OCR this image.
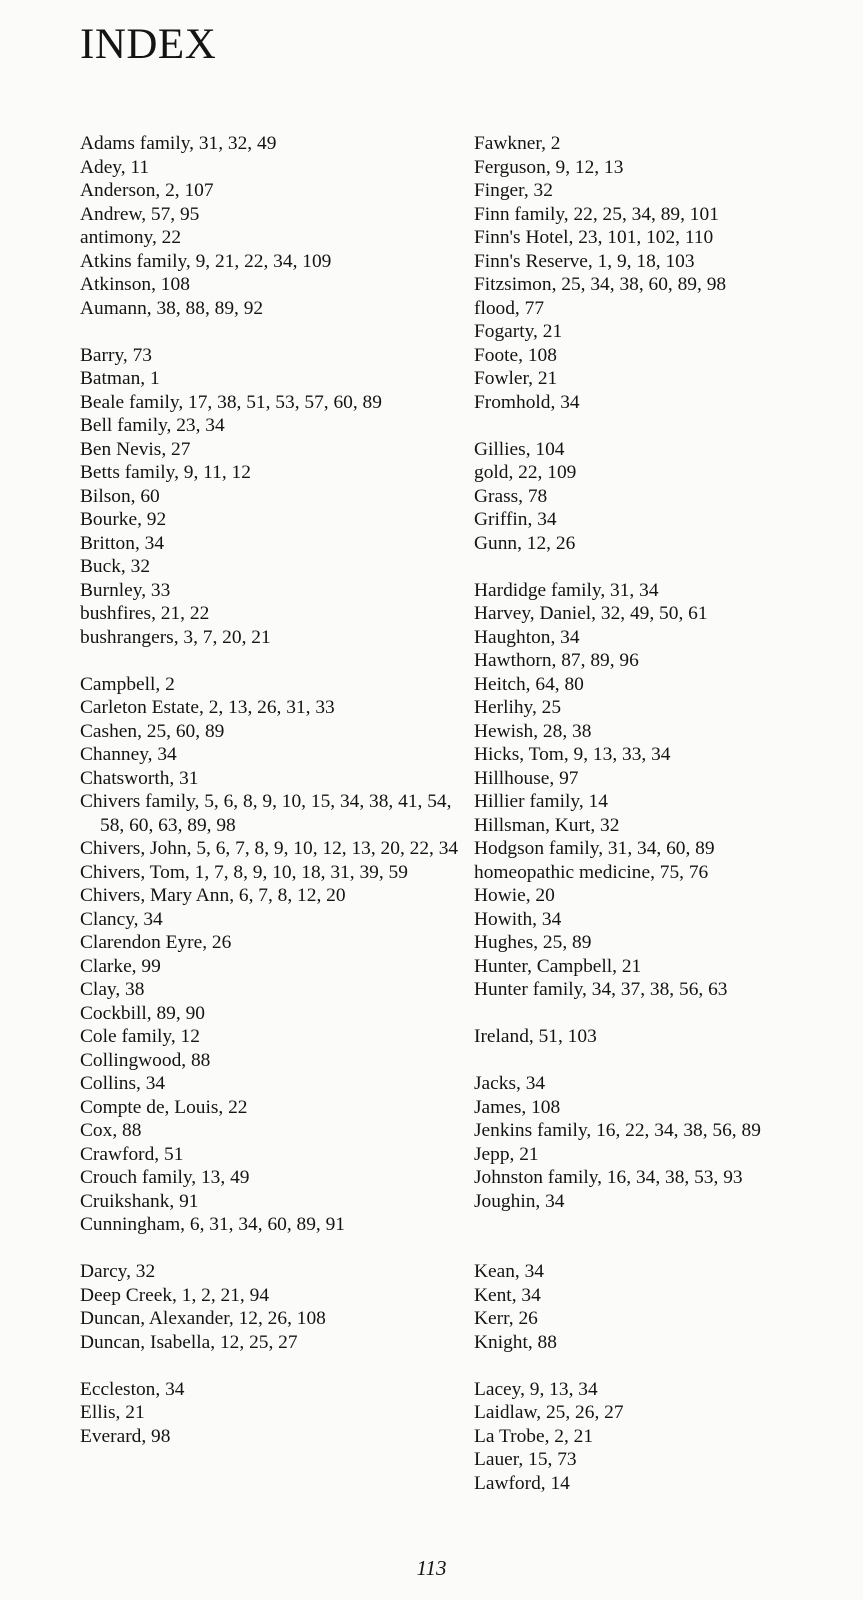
INDEX
Adams family, 31, 32, 49
Adey, 11
Anderson, 2, 107
Andrew, 57, 95
antimony, 22
Atkins family, 9, 21, 22, 34, 109
Atkinson, 108
Aumann, 38, 88, 89, 92
Barry, 73
Batman, 1
Beale family, 17, 38, 51, 53, 57, 60, 89
Bell family, 23, 34
Ben Nevis, 27
Betts family, 9, 11, 12
Bilson, 60
Bourke, 92
Britton, 34
Buck, 32
Burnley, 33
bushfires, 21, 22
bushrangers, 3, 7, 20, 21
Campbell, 2
Carleton Estate, 2, 13, 26, 31, 33
Cashen, 25, 60, 89
Channey, 34
Chatsworth, 31
Chivers family, 5, 6, 8, 9, 10, 15, 34, 38, 41, 54, 58, 60, 63, 89, 98
Chivers, John, 5, 6, 7, 8, 9, 10, 12, 13, 20, 22, 34
Chivers, Tom, 1, 7, 8, 9, 10, 18, 31, 39, 59
Chivers, Mary Ann, 6, 7, 8, 12, 20
Clancy, 34
Clarendon Eyre, 26
Clarke, 99
Clay, 38
Cockbill, 89, 90
Cole family, 12
Collingwood, 88
Collins, 34
Compte de, Louis, 22
Cox, 88
Crawford, 51
Crouch family, 13, 49
Cruikshank, 91
Cunningham, 6, 31, 34, 60, 89, 91
Darcy, 32
Deep Creek, 1, 2, 21, 94
Duncan, Alexander, 12, 26, 108
Duncan, Isabella, 12, 25, 27
Eccleston, 34
Ellis, 21
Everard, 98
Fawkner, 2
Ferguson, 9, 12, 13
Finger, 32
Finn family, 22, 25, 34, 89, 101
Finn's Hotel, 23, 101, 102, 110
Finn's Reserve, 1, 9, 18, 103
Fitzsimon, 25, 34, 38, 60, 89, 98
flood, 77
Fogarty, 21
Foote, 108
Fowler, 21
Fromhold, 34
Gillies, 104
gold, 22, 109
Grass, 78
Griffin, 34
Gunn, 12, 26
Hardidge family, 31, 34
Harvey, Daniel, 32, 49, 50, 61
Haughton, 34
Hawthorn, 87, 89, 96
Heitch, 64, 80
Herlihy, 25
Hewish, 28, 38
Hicks, Tom, 9, 13, 33, 34
Hillhouse, 97
Hillier family, 14
Hillsman, Kurt, 32
Hodgson family, 31, 34, 60, 89
homeopathic medicine, 75, 76
Howie, 20
Howith, 34
Hughes, 25, 89
Hunter, Campbell, 21
Hunter family, 34, 37, 38, 56, 63
Ireland, 51, 103
Jacks, 34
James, 108
Jenkins family, 16, 22, 34, 38, 56, 89
Jepp, 21
Johnston family, 16, 34, 38, 53, 93
Joughin, 34
Kean, 34
Kent, 34
Kerr, 26
Knight, 88
Lacey, 9, 13, 34
Laidlaw, 25, 26, 27
La Trobe, 2, 21
Lauer, 15, 73
Lawford, 14
113
